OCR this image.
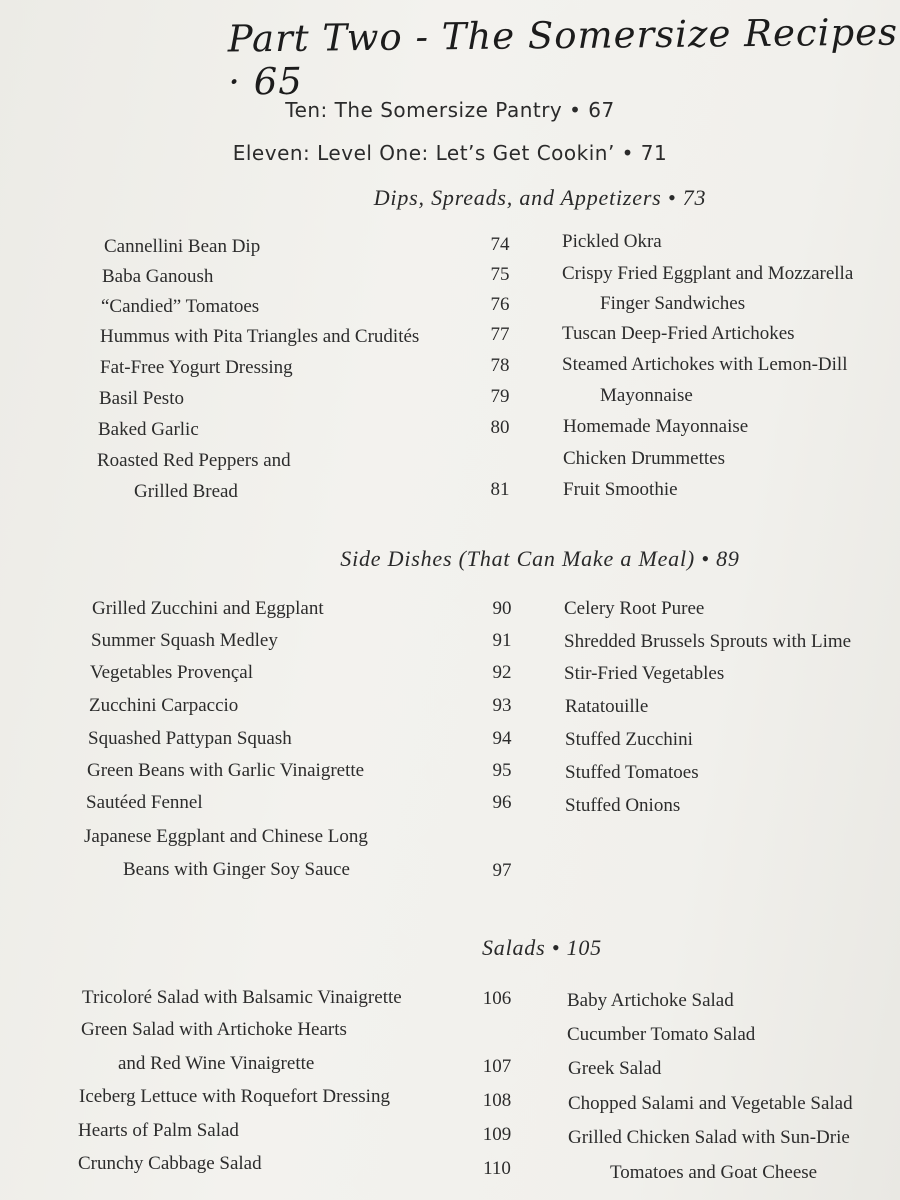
Part Two - The Somersize Recipes · 65
Ten: The Somersize Pantry • 67
Eleven: Level One: Let’s Get Cookin’ • 71
Dips, Spreads, and Appetizers • 73
Cannellini Bean Dip	74
Baba Ganoush	75
“Candied” Tomatoes	76
Hummus with Pita Triangles and Crudités	77
Fat-Free Yogurt Dressing	78
Basil Pesto	79
Baked Garlic	80
Roasted Red Peppers and
Grilled Bread	81
Pickled Okra
Crispy Fried Eggplant and Mozzarella
Finger Sandwiches
Tuscan Deep-Fried Artichokes
Steamed Artichokes with Lemon-Dill
Mayonnaise
Homemade Mayonnaise
Chicken Drummettes
Fruit Smoothie
Side Dishes (That Can Make a Meal) • 89
Grilled Zucchini and Eggplant	90
Summer Squash Medley	91
Vegetables Provençal	92
Zucchini Carpaccio	93
Squashed Pattypan Squash	94
Green Beans with Garlic Vinaigrette	95
Sautéed Fennel	96
Japanese Eggplant and Chinese Long
Beans with Ginger Soy Sauce	97
Celery Root Puree
Shredded Brussels Sprouts with Lime
Stir-Fried Vegetables
Ratatouille
Stuffed Zucchini
Stuffed Tomatoes
Stuffed Onions
Salads • 105
Tricoloré Salad with Balsamic Vinaigrette	106
Green Salad with Artichoke Hearts
and Red Wine Vinaigrette	107
Iceberg Lettuce with Roquefort Dressing	108
Hearts of Palm Salad	109
Crunchy Cabbage Salad	110
Baby Artichoke Salad
Cucumber Tomato Salad
Greek Salad
Chopped Salami and Vegetable Salad
Grilled Chicken Salad with Sun-Drie
Tomatoes and Goat Cheese
